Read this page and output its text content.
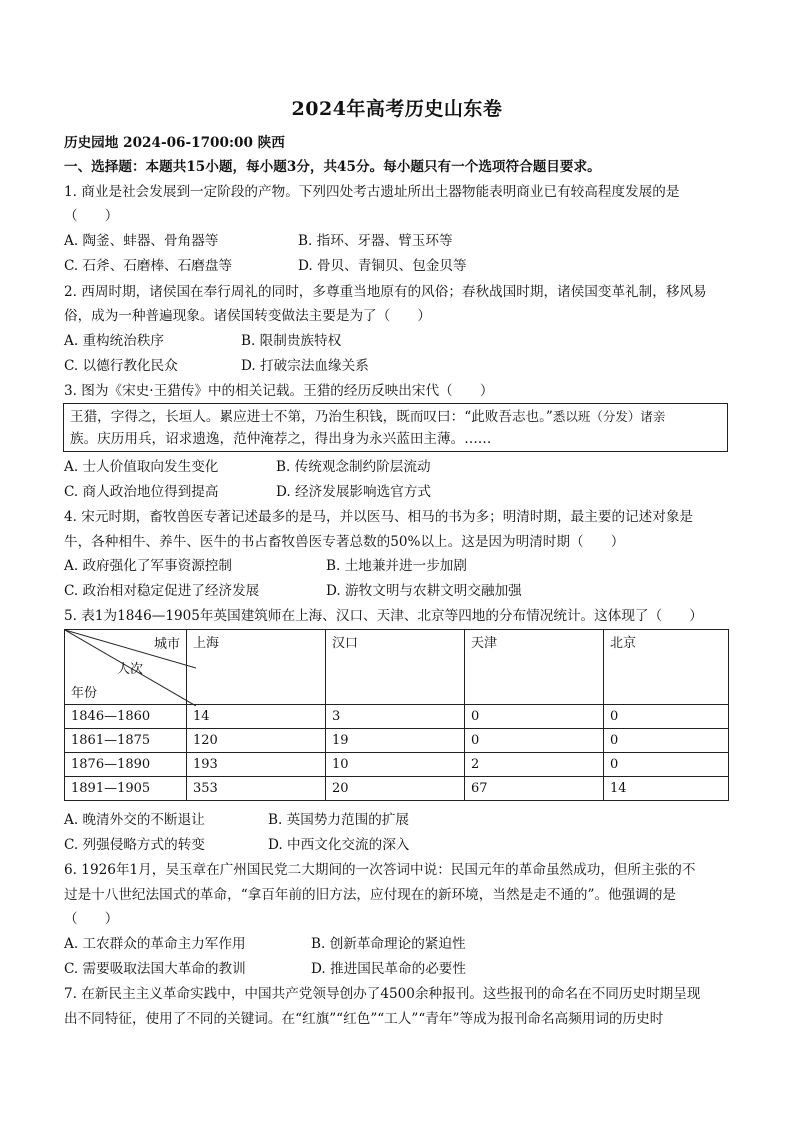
2024年高考历史山东卷
历史园地 2024-06-1700:00 陕西
一、选择题：本题共15小题，每小题3分，共45分。每小题只有一个选项符合题目要求。
1. 商业是社会发展到一定阶段的产物。下列四处考古遗址所出土器物能表明商业已有较高程度发展的是
（　　）
A. 陶釜、蚌器、骨角器等	B. 指环、牙器、臂玉环等
C. 石斧、石磨棒、石磨盘等	D. 骨贝、青铜贝、包金贝等
2. 西周时期，诸侯国在奉行周礼的同时，多尊重当地原有的风俗；春秋战国时期，诸侯国变革礼制，移风易
俗，成为一种普遍现象。诸侯国转变做法主要是为了（　　）
A. 重构统治秩序	B. 限制贵族特权
C. 以德行教化民众	D. 打破宗法血缘关系
3. 图为《宋史·王猎传》中的相关记载。王猎的经历反映出宋代（　　）
王猎，字得之，长垣人。累应进士不第，乃治生积钱，既而叹曰：“此败吾志也。”悉以班（分发）诸亲
族。庆历用兵，诏求遗逸，范仲淹荐之，得出身为永兴蓝田主薄。……
A. 士人价值取向发生变化	B. 传统观念制约阶层流动
C. 商人政治地位得到提高	D. 经济发展影响选官方式
4. 宋元时期，畜牧兽医专著记述最多的是马，并以医马、相马的书为多；明清时期，最主要的记述对象是
牛，各种相牛、养牛、医牛的书占畜牧兽医专著总数的50%以上。这是因为明清时期（　　）
A. 政府强化了军事资源控制	B. 土地兼并进一步加剧
C. 政治相对稳定促进了经济发展	D. 游牧文明与农耕文明交融加强
5. 表1为1846—1905年英国建筑师在上海、汉口、天津、北京等四地的分布情况统计。这体现了（　　）
城市
人次
年份	上海	汉口	天津	北京
1846—1860	14	3	0	0
1861—1875	120	19	0	0
1876—1890	193	10	2	0
1891—1905	353	20	67	14
A. 晚清外交的不断退让	B. 英国势力范围的扩展
C. 列强侵略方式的转变	D. 中西文化交流的深入
6. 1926年1月，吴玉章在广州国民党二大期间的一次答词中说：民国元年的革命虽然成功，但所主张的不
过是十八世纪法国式的革命，“拿百年前的旧方法，应付现在的新环境，当然是走不通的”。他强调的是
（　　）
A. 工农群众的革命主力军作用	B. 创新革命理论的紧迫性
C. 需要吸取法国大革命的教训	D. 推进国民革命的必要性
7. 在新民主主义革命实践中，中国共产党领导创办了4500余种报刊。这些报刊的命名在不同历史时期呈现
出不同特征，使用了不同的关键词。在“红旗”“红色”“工人”“青年”等成为报刊命名高频用词的历史时
